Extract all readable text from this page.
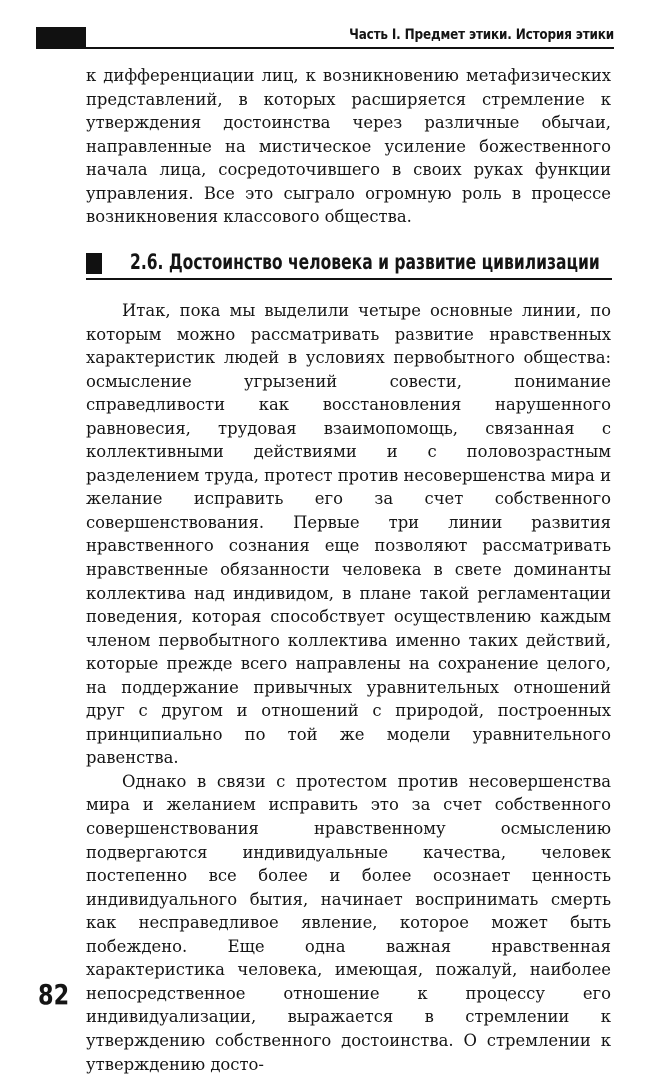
Часть I. Предмет этики. История этики

к дифференциации лиц, к возникновению метафизических представлений, в которых расширяется стремление к утверждения достоинства через различные обычаи, направленные на мистическое усиление божественного начала лица, сосредоточившего в своих руках функции управления. Все это сыграло огромную роль в процессе возникновения классового общества.

2.6. Достоинство человека и развитие цивилизации

Итак, пока мы выделили четыре основные линии, по которым можно рассматривать развитие нравственных характеристик людей в условиях первобытного общества: осмысление угрызений совести, понимание справедливости как восстановления нарушенного равновесия, трудовая взаимопомощь, связанная с коллективными действиями и с половозрастным разделением труда, протест против несовершенства мира и желание исправить его за счет собственного совершенствования. Первые три линии развития нравственного сознания еще позволяют рассматривать нравственные обязанности человека в свете доминанты коллектива над индивидом, в плане такой регламентации поведения, которая способствует осуществлению каждым членом первобытного коллектива именно таких действий, которые прежде всего направлены на сохранение целого, на поддержание привычных уравнительных отношений друг с другом и отношений с природой, построенных принципиально по той же модели уравнительного равенства.

Однако в связи с протестом против несовершенства мира и желанием исправить это за счет собственного совершенствования нравственному осмыслению подвергаются индивидуальные качества, человек постепенно все более и более осознает ценность индивидуального бытия, начинает воспринимать смерть как несправедливое явление, которое может быть побеждено. Еще одна важная нравственная характеристика человека, имеющая, пожалуй, наиболее непосредственное отношение к процессу его индивидуализации, выражается в стремлении к утверждению собственного достоинства. О стремлении к утверждению досто-

82
